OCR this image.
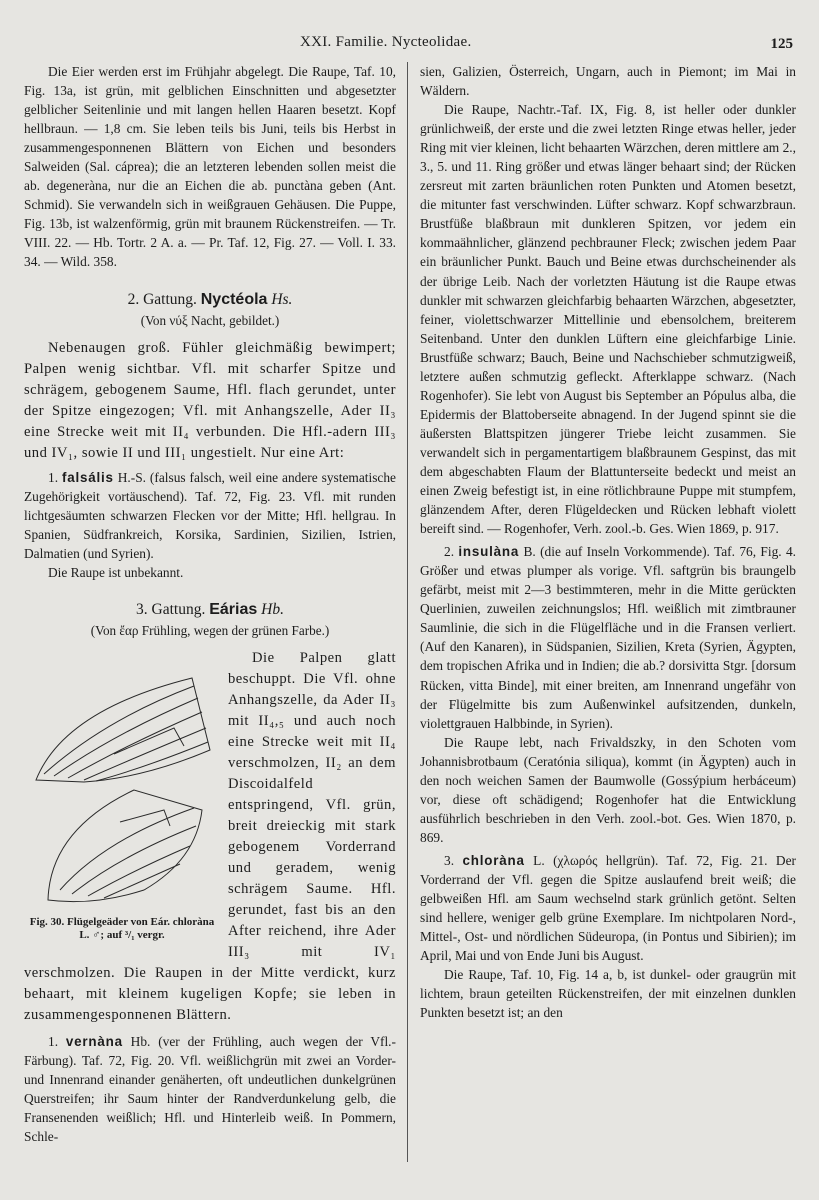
XXI. Familie. Nycteolidae.	125

Die Eier werden erst im Frühjahr abgelegt. Die Raupe, Taf. 10, Fig. 13a, ist grün, mit gelblichen Einschnitten und abgesetzter gelblicher Seitenlinie und mit langen hellen Haaren besetzt. Kopf hellbraun. — 1,8 cm. Sie leben teils bis Juni, teils bis Herbst in zusammengesponnenen Blättern von Eichen und besonders Salweiden (Sal. cáprea); die an letzteren lebenden sollen meist die ab. degeneràna, nur die an Eichen die ab. punctàna geben (Ant. Schmid). Sie verwandeln sich in weißgrauen Gehäusen. Die Puppe, Fig. 13b, ist walzenförmig, grün mit braunem Rückenstreifen. — Tr. VIII. 22. — Hb. Tortr. 2 A. a. — Pr. Taf. 12, Fig. 27. — Voll. I. 33. 34. — Wild. 358.

2. Gattung. Nyctéola Hs.
(Von νύξ Nacht, gebildet.)

Nebenaugen groß. Fühler gleichmäßig bewimpert; Palpen wenig sichtbar. Vfl. mit scharfer Spitze und schrägem, gebogenem Saume, Hfl. flach gerundet, unter der Spitze eingezogen; Vfl. mit Anhangszelle, Ader II₃ eine Strecke weit mit II₄ verbunden. Die Hfl.-adern III₃ und IV₁, sowie II und III₁ ungestielt. Nur eine Art:

1. falsális H.-S. (falsus falsch, weil eine andere systematische Zugehörigkeit vortäuschend). Taf. 72, Fig. 23. Vfl. mit runden lichtgesäumten schwarzen Flecken vor der Mitte; Hfl. hellgrau. In Spanien, Südfrankreich, Korsika, Sardinien, Sizilien, Istrien, Dalmatien (und Syrien).

Die Raupe ist unbekannt.

3. Gattung. Eárias Hb.
(Von ἔαρ Frühling, wegen der grünen Farbe.)
Fig. 30. Flügelgeäder von Eár. chloràna L. ♂; auf ³/₁ vergr.

Die Palpen glatt beschuppt. Die Vfl. ohne Anhangszelle, da Ader II₃ mit II₄,₅ und auch noch eine Strecke weit mit II₄ verschmolzen, II₂ an dem Discoidalfeld entspringend, Vfl. grün, breit dreieckig mit stark gebogenem Vorderrand und geradem, wenig schrägem Saume. Hfl. gerundet, fast bis an den After reichend, ihre Ader III₃ mit IV₁ verschmolzen. Die Raupen in der Mitte verdickt, kurz behaart, mit kleinem kugeligen Kopfe; sie leben in zusammengesponnenen Blättern.

1. vernàna Hb. (ver der Frühling, auch wegen der Vfl.-Färbung). Taf. 72, Fig. 20. Vfl. weißlichgrün mit zwei an Vorder- und Innenrand einander genäherten, oft undeutlichen dunkelgrünen Querstreifen; ihr Saum hinter der Randverdunkelung gelb, die Fransenenden weißlich; Hfl. und Hinterleib weiß. In Pommern, Schle-

sien, Galizien, Österreich, Ungarn, auch in Piemont; im Mai in Wäldern.

Die Raupe, Nachtr.-Taf. IX, Fig. 8, ist heller oder dunkler grünlichweiß, der erste und die zwei letzten Ringe etwas heller, jeder Ring mit vier kleinen, licht behaarten Wärzchen, deren mittlere am 2., 3., 5. und 11. Ring größer und etwas länger behaart sind; der Rücken zersreut mit zarten bräunlichen roten Punkten und Atomen besetzt, die mitunter fast verschwinden. Lüfter schwarz. Kopf schwarzbraun. Brustfüße blaßbraun mit dunkleren Spitzen, vor jedem ein kommaähnlicher, glänzend pechbrauner Fleck; zwischen jedem Paar ein bräunlicher Punkt. Bauch und Beine etwas durchscheinender als der übrige Leib. Nach der vorletzten Häutung ist die Raupe etwas dunkler mit schwarzen gleichfarbig behaarten Wärzchen, abgesetzter, feiner, violettschwarzer Mittellinie und ebensolchem, breiterem Seitenband. Unter den dunklen Lüftern eine gleichfarbige Linie. Brustfüße schwarz; Bauch, Beine und Nachschieber schmutzigweiß, letztere außen schmutzig gefleckt. Afterklappe schwarz. (Nach Rogenhofer). Sie lebt von August bis September an Pópulus alba, die Epidermis der Blattoberseite abnagend. In der Jugend spinnt sie die äußersten Blattspitzen jüngerer Triebe leicht zusammen. Sie verwandelt sich in pergamentartigem blaßbraunem Gespinst, das mit dem abgeschabten Flaum der Blattunterseite bedeckt und meist an einen Zweig befestigt ist, in eine rötlichbraune Puppe mit stumpfem, glänzendem After, deren Flügeldecken und Rücken lebhaft violett bereift sind. — Rogenhofer, Verh. zool.-b. Ges. Wien 1869, p. 917.

2. insulàna B. (die auf Inseln Vorkommende). Taf. 76, Fig. 4. Größer und etwas plumper als vorige. Vfl. saftgrün bis braungelb gefärbt, meist mit 2—3 bestimmteren, mehr in die Mitte gerückten Querlinien, zuweilen zeichnungslos; Hfl. weißlich mit zimtbrauner Saumlinie, die sich in die Flügelfläche und in die Fransen verliert. (Auf den Kanaren), in Südspanien, Sizilien, Kreta (Syrien, Ägypten, dem tropischen Afrika und in Indien; die ab.? dorsivitta Stgr. [dorsum Rücken, vitta Binde], mit einer breiten, am Innenrand ungefähr von der Flügelmitte bis zum Außenwinkel aufsitzenden, dunkeln, violettgrauen Halbbinde, in Syrien).

Die Raupe lebt, nach Frivaldszky, in den Schoten vom Johannisbrotbaum (Ceratónia siliqua), kommt (in Ägypten) auch in den noch weichen Samen der Baumwolle (Gossýpium herbáceum) vor, diese oft schädigend; Rogenhofer hat die Entwicklung ausführlich beschrieben in den Verh. zool.-bot. Ges. Wien 1870, p. 869.

3. chloràna L. (χλωρός hellgrün). Taf. 72, Fig. 21. Der Vorderrand der Vfl. gegen die Spitze auslaufend breit weiß; die gelbweißen Hfl. am Saum wechselnd stark grünlich getönt. Selten sind hellere, weniger gelb grüne Exemplare. Im nichtpolaren Nord-, Mittel-, Ost- und nördlichen Südeuropa, (in Pontus und Sibirien); im April, Mai und von Ende Juni bis August.

Die Raupe, Taf. 10, Fig. 14 a, b, ist dunkel- oder graugrün mit lichtem, braun geteilten Rückenstreifen, der mit einzelnen dunklen Punkten besetzt ist; an den
